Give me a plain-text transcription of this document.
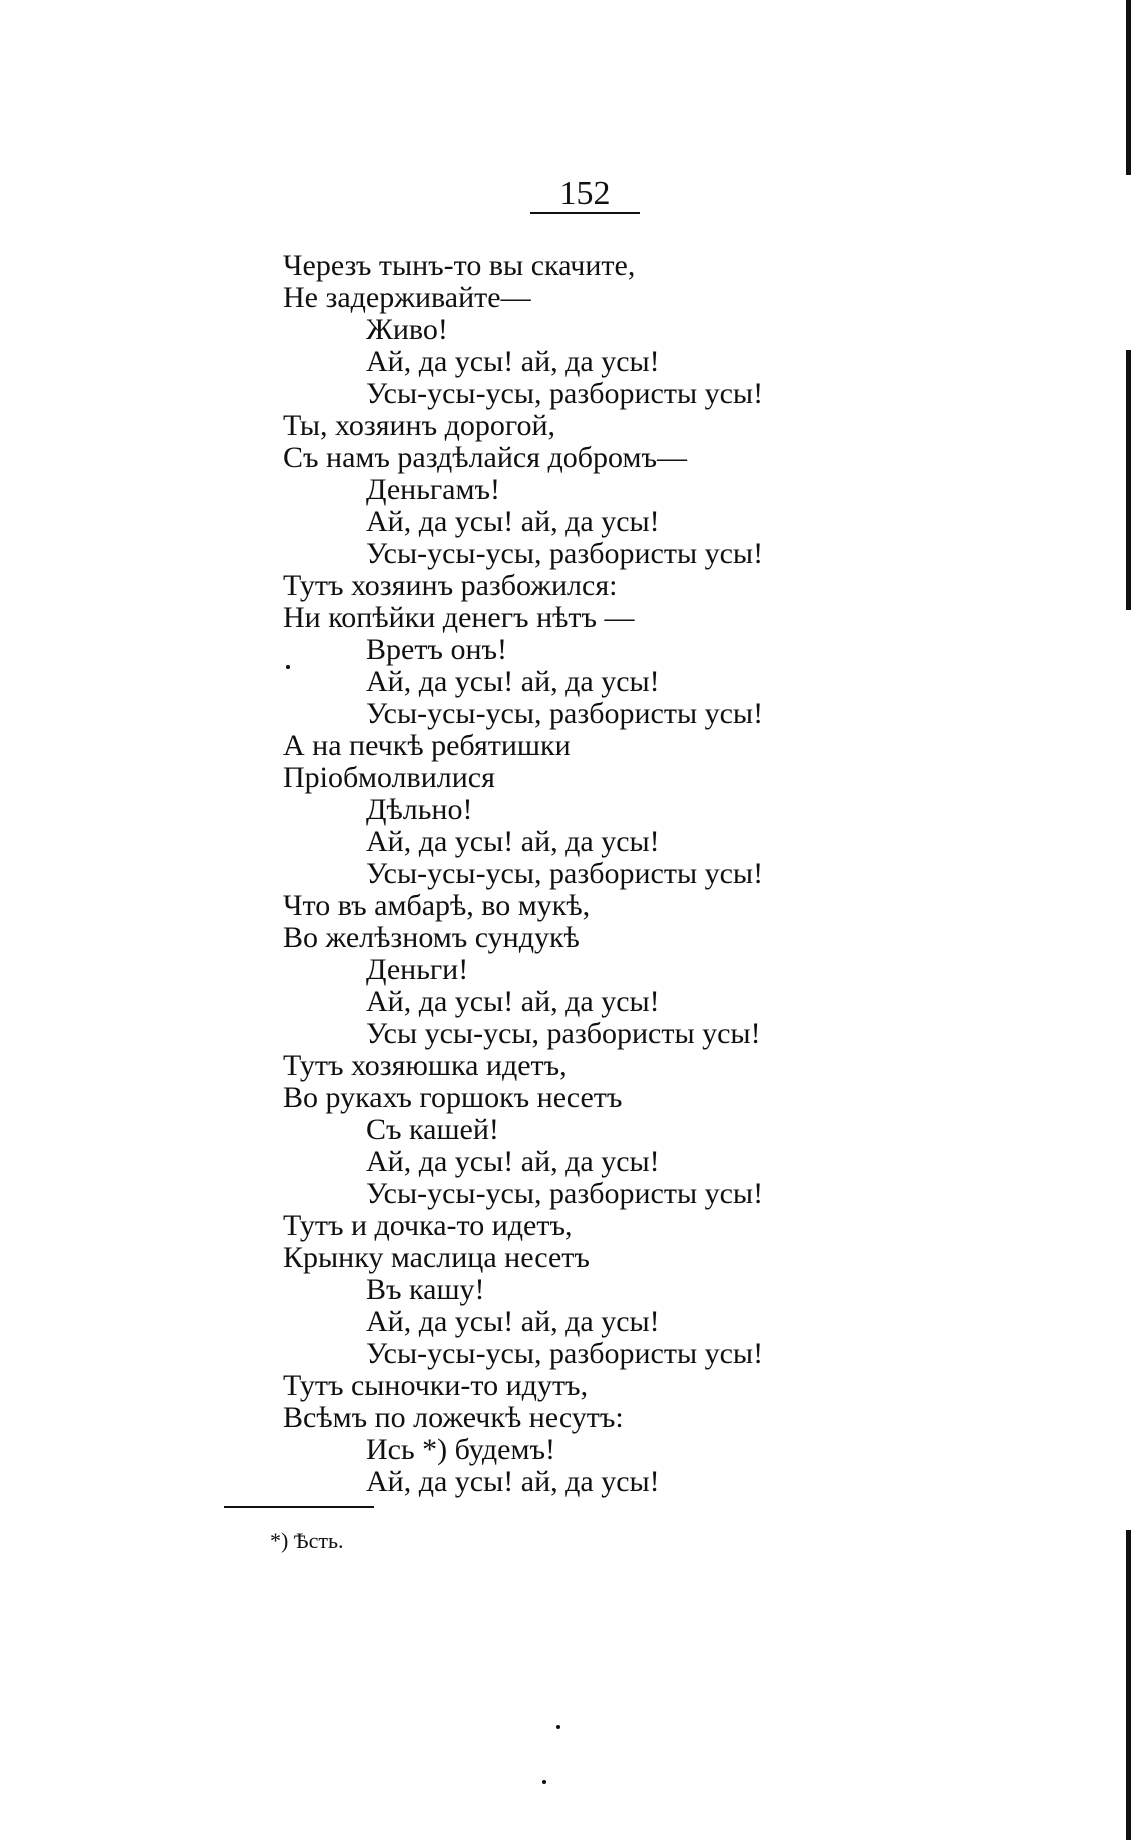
152
Черезъ тынъ-то вы скачите,
Не задерживайте—
Живо!
Ай, да усы! ай, да усы!
Усы-усы-усы, разбористы усы!
Ты, хозяинъ дорогой,
Съ намъ раздѣлайся добромъ—
Деньгамъ!
Ай, да усы! ай, да усы!
Усы-усы-усы, разбористы усы!
Тутъ хозяинъ разбожился:
Ни копѣйки денегъ нѣтъ —
Вретъ онъ!
Ай, да усы! ай, да усы!
Усы-усы-усы, разбористы усы!
А на печкѣ ребятишки
Пріобмолвилися
Дѣльно!
Ай, да усы! ай, да усы!
Усы-усы-усы, разбористы усы!
Что въ амбарѣ, во мукѣ,
Во желѣзномъ сундукѣ
Деньги!
Ай, да усы! ай, да усы!
Усы усы-усы, разбористы усы!
Тутъ хозяюшка идетъ,
Во рукахъ горшокъ несетъ
Съ кашей!
Ай, да усы! ай, да усы!
Усы-усы-усы, разбористы усы!
Тутъ и дочка-то идетъ,
Крынку маслица несетъ
Въ кашу!
Ай, да усы! ай, да усы!
Усы-усы-усы, разбористы усы!
Тутъ сыночки-то идутъ,
Всѣмъ по ложечкѣ несутъ:
Ись *) будемъ!
Ай, да усы! ай, да усы!
*) Ѣсть.
